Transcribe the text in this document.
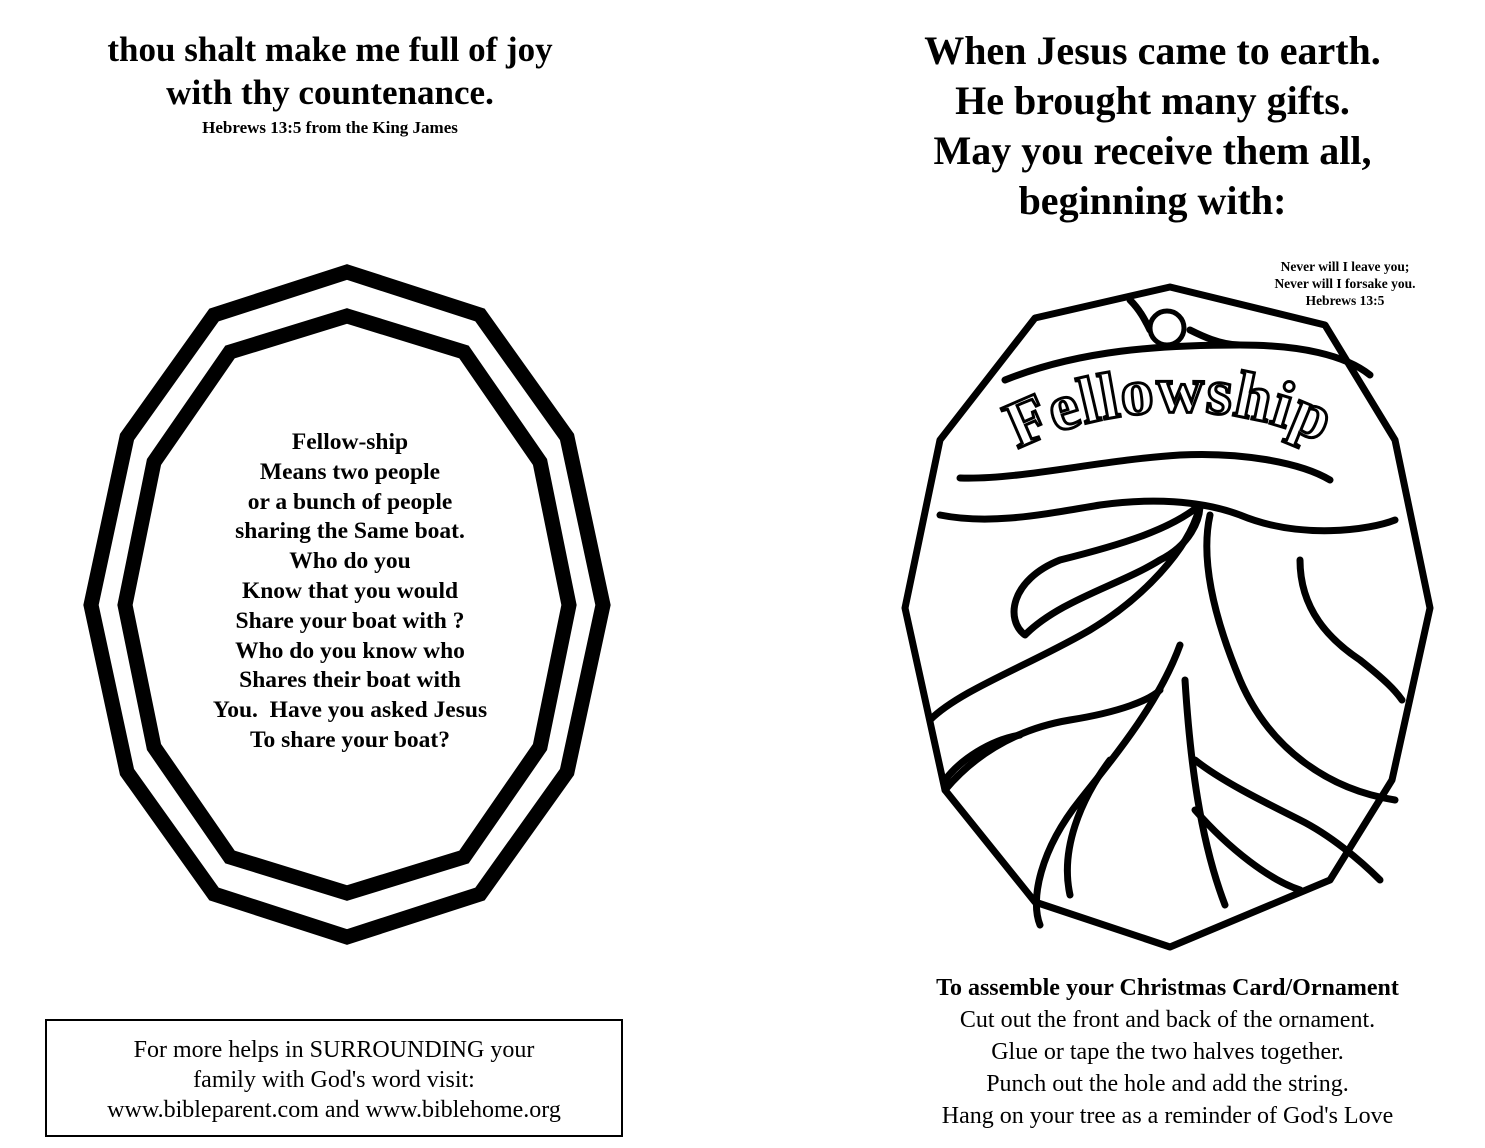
thou shalt make me full of joy
with thy countenance.
Hebrews 13:5 from the King James
Fellow-ship
Means two people
or a bunch of people
sharing the Same boat.
Who do you
Know that you would
Share your boat with ?
Who do you know who
Shares their boat with
You.  Have you asked Jesus
To share your boat?
For more helps in SURROUNDING your
family with God's word visit:
www.bibleparent.com and www.biblehome.org
When Jesus came to earth.
He brought many gifts.
May you receive them all,
beginning with:
Never will I leave you;
Never will I forsake you.
Hebrews 13:5
Fellowship
To assemble your Christmas Card/Ornament
Cut out the front and back of the ornament.
Glue or tape the two halves together.
Punch out the hole and add the string.
Hang on your tree as a reminder of God's Love
